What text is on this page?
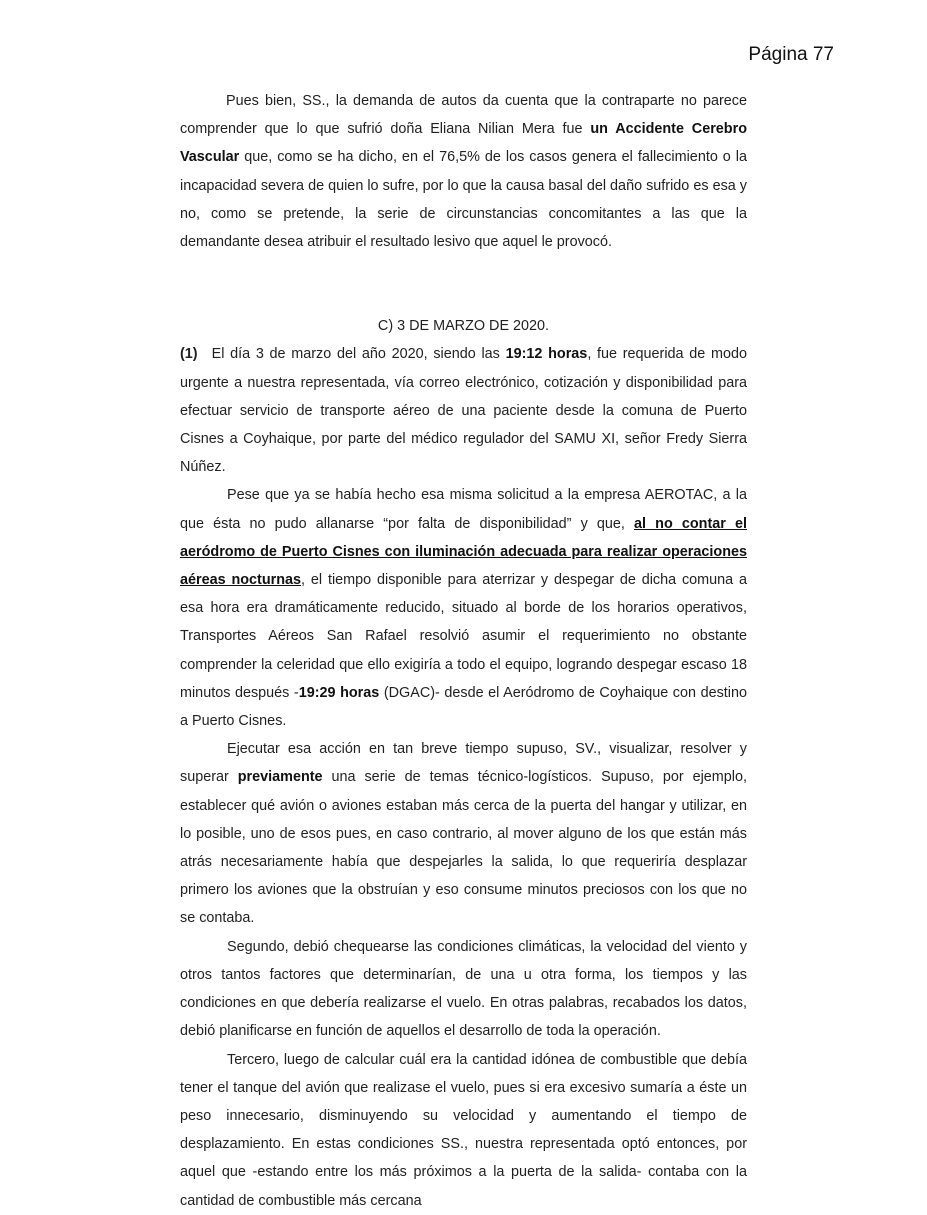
Página 77

Pues bien, SS., la demanda de autos da cuenta que la contraparte no parece comprender que lo que sufrió doña Eliana Nilian Mera fue un Accidente Cerebro Vascular que, como se ha dicho, en el 76,5% de los casos genera el fallecimiento o la incapacidad severa de quien lo sufre, por lo que la causa basal del daño sufrido es esa y no, como se pretende, la serie de circunstancias concomitantes a las que la demandante desea atribuir el resultado lesivo que aquel le provocó.

C) 3 DE MARZO DE 2020.

(1) El día 3 de marzo del año 2020, siendo las 19:12 horas, fue requerida de modo urgente a nuestra representada, vía correo electrónico, cotización y disponibilidad para efectuar servicio de transporte aéreo de una paciente desde la comuna de Puerto Cisnes a Coyhaique, por parte del médico regulador del SAMU XI, señor Fredy Sierra Núñez.

Pese que ya se había hecho esa misma solicitud a la empresa AEROTAC, a la que ésta no pudo allanarse “por falta de disponibilidad” y que, al no contar el aeródromo de Puerto Cisnes con iluminación adecuada para realizar operaciones aéreas nocturnas, el tiempo disponible para aterrizar y despegar de dicha comuna a esa hora era dramáticamente reducido, situado al borde de los horarios operativos, Transportes Aéreos San Rafael resolvió asumir el requerimiento no obstante comprender la celeridad que ello exigiría a todo el equipo, logrando despegar escaso 18 minutos después -19:29 horas (DGAC)- desde el Aeródromo de Coyhaique con destino a Puerto Cisnes.

Ejecutar esa acción en tan breve tiempo supuso, SV., visualizar, resolver y superar previamente una serie de temas técnico-logísticos. Supuso, por ejemplo, establecer qué avión o aviones estaban más cerca de la puerta del hangar y utilizar, en lo posible, uno de esos pues, en caso contrario, al mover alguno de los que están más atrás necesariamente había que despejarles la salida, lo que requeriría desplazar primero los aviones que la obstruían y eso consume minutos preciosos con los que no se contaba.

Segundo, debió chequearse las condiciones climáticas, la velocidad del viento y otros tantos factores que determinarían, de una u otra forma, los tiempos y las condiciones en que debería realizarse el vuelo. En otras palabras, recabados los datos, debió planificarse en función de aquellos el desarrollo de toda la operación.

Tercero, luego de calcular cuál era la cantidad idónea de combustible que debía tener el tanque del avión que realizase el vuelo, pues si era excesivo sumaría a éste un peso innecesario, disminuyendo su velocidad y aumentando el tiempo de desplazamiento. En estas condiciones SS., nuestra representada optó entonces, por aquel que -estando entre los más próximos a la puerta de la salida- contaba con la cantidad de combustible más cercana
